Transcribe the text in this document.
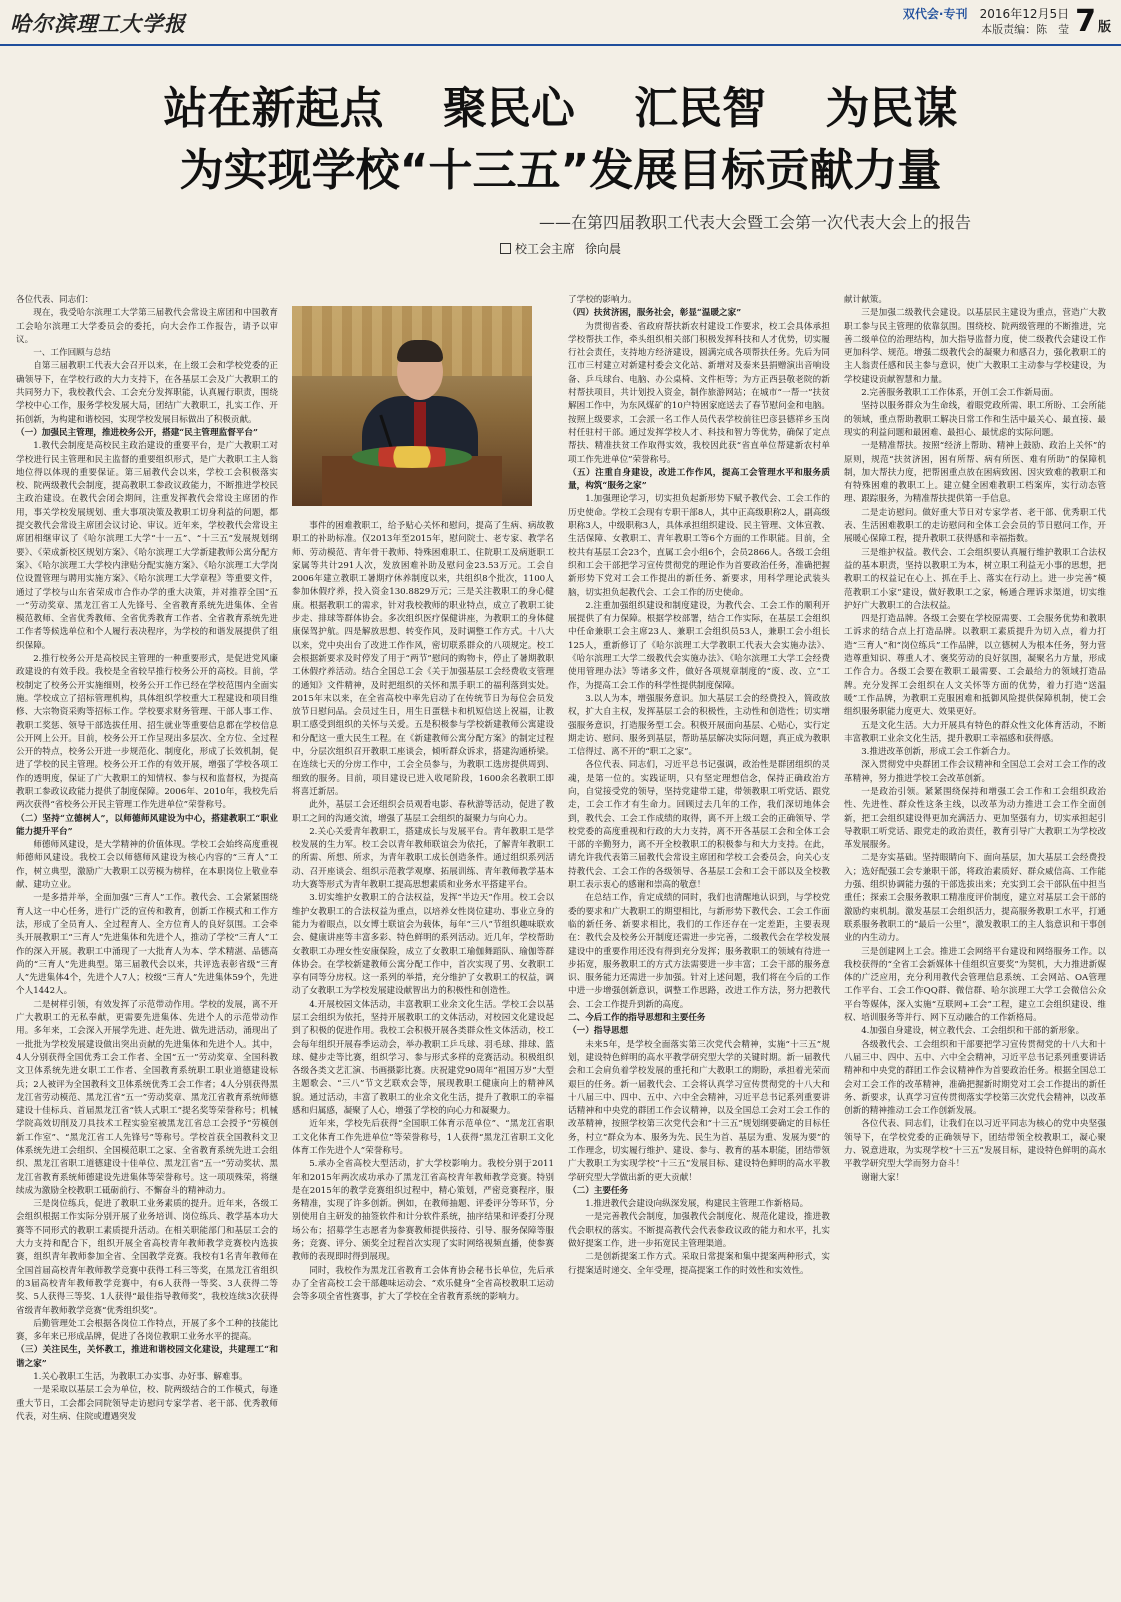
哈尔滨理工大学报	双代会·专刊 2016年12月5日
本版责编：陈　莹 7 版
站在新起点 聚民心 汇民智 为民谋
为实现学校“十三五”发展目标贡献力量
——在第四届教职工代表大会暨工会第一次代表大会上的报告
校工会主席 徐向晨

各位代表、同志们：

现在，我受哈尔滨理工大学第三届教代会常设主席团和中国教育工会哈尔滨理工大学委员会的委托，向大会作工作报告，请予以审议。

一、工作回顾与总结

自第三届教职工代表大会召开以来，在上级工会和学校党委的正确领导下，在学校行政的大力支持下，在各基层工会及广大教职工的共同努力下，我校教代会、工会充分发挥职能，认真履行职责，围绕学校中心工作，服务学校发展大局，团结广大教职工，扎实工作、开拓创新，为构建和谐校园，实现学校发展目标做出了积极贡献。

（一）加强民主管理，推进校务公开，搭建“民主管理监督平台”

1.教代会制度是高校民主政治建设的重要平台，是广大教职工对学校进行民主管理和民主监督的重要组织形式，是广大教职工主人翁地位得以体现的重要保证。第三届教代会以来，学校工会积极落实校、院两级教代会制度，提高教职工参政议政能力，不断推进学校民主政治建设。在教代会闭会期间，注重发挥教代会常设主席团的作用，事关学校发展规划、重大事项决策及教职工切身利益的问题，都提交教代会常设主席团会议讨论、审议。近年来，学校教代会常设主席团相继审议了《哈尔滨理工大学“十一五”、“十三五”发展规划纲要》、《荣成新校区规划方案》、《哈尔滨理工大学新建教师公寓分配方案》、《哈尔滨理工大学校内津贴分配实施方案》、《哈尔滨理工大学岗位设置管理与聘用实施方案》、《哈尔滨理工大学章程》等重要文件，通过了学校与山东省荣成市合作办学的重大决策，并对推荐全国“五一”劳动奖章、黑龙江省工人先锋号、全省教育系统先进集体、全省模范教师、全省优秀教师、全省优秀教育工作者、全省教育系统先进工作者等候选单位和个人履行表决程序，为学校的和谐发展提供了组织保障。

2.推行校务公开是高校民主管理的一种重要形式，是促进党风廉政建设的有效手段。我校是全省较早推行校务公开的高校。目前，学校制定了校务公开实施细则，校务公开工作已经在学校范围内全面实施。学校成立了招标管理机构，具体组织学校重大工程建设和项目维修、大宗物资采购等招标工作。学校要求财务管理、干部人事工作、教职工奖惩、领导干部选拔任用、招生就业等重要信息都在学校信息公开网上公开。目前，校务公开工作呈现出多层次、全方位、全过程公开的特点，校务公开进一步规范化、制度化，形成了长效机制，促进了学校的民主管理。校务公开工作的有效开展，增强了学校各项工作的透明度，保证了广大教职工的知情权、参与权和监督权，为提高教职工参政议政能力提供了制度保障。2006年、2010年，我校先后两次获得“省校务公开民主管理工作先进单位”荣誉称号。

（二）坚持“立德树人”，以师德师风建设为中心，搭建教职工“职业能力提升平台”

师德师风建设，是大学精神的价值体现。学校工会始终高度重视师德师风建设。我校工会以师德师风建设为核心内容的“三育人”工作，树立典型，激励广大教职工以劳模为榜样，在本职岗位上敬业奉献、建功立业。

一是多措并举，全面加强“三育人”工作。教代会、工会紧紧围绕育人这一中心任务，进行广泛的宣传和教育，创新工作模式和工作方法，形成了全员育人、全过程育人、全方位育人的良好氛围。工会牵头开展教职工“三育人”先进集体和先进个人，推动了学校“三育人”工作的深入开展。教职工中涌现了一大批育人为本、学术精湛、品德高尚的“三育人”先进典型。第三届教代会以来，共评选表彰省级“三育人”先进集体4个，先进个人7人；校级“三育人”先进集体59个，先进个人1442人。

二是树样引领，有效发挥了示范带动作用。学校的发展，离不开广大教职工的无私奉献，更需要先进集体、先进个人的示范带动作用。多年来，工会深入开展学先进、赶先进、做先进活动，涌现出了一批批为学校发展建设做出突出贡献的先进集体和先进个人。其中，4人分别获得全国优秀工会工作者、全国“五一”劳动奖章、全国科教文卫体系统先进女职工工作者、全国教育系统职工职业道德建设标兵；2人被评为全国教科文卫体系统优秀工会工作者；4人分别获得黑龙江省劳动模范、黑龙江省“五一”劳动奖章、黑龙江省教育系统师德建设十佳标兵、首届黑龙江省“铁人式职工”提名奖等荣誉称号；机械学院高效切削及刀具技术工程实验室被黑龙江省总工会授予“劳模创新工作室”、“黑龙江省工人先锋号”等称号。学校首获全国教科文卫体系统先进工会组织、全国模范职工之家、全省教育系统先进工会组织、黑龙江省职工道德建设十佳单位、黑龙江省“五一”劳动奖状、黑龙江省教育系统师德建设先进集体等荣誉称号。这一项项殊荣，将继续成为激励全校教职工砥砺前行、不懈奋斗的精神动力。

三是岗位练兵，促进了教职工业务素质的提升。近年来，各级工会组织根据工作实际分别开展了业务培训、岗位练兵、教学基本功大赛等不同形式的教职工素质提升活动。在相关职能部门和基层工会的大力支持和配合下，组织开展全省高校青年教师教学竞赛校内选拔赛，组织青年教师参加全省、全国教学竞赛。我校有1名青年教师在全国首届高校青年教师教学竞赛中获得工科三等奖，在黑龙江省组织的3届高校青年教师教学竞赛中，有6人获得一等奖、3人获得二等奖、5人获得三等奖、1人获得“最佳指导教师奖”，我校连续3次获得省级青年教师教学竞赛“优秀组织奖”。

后勤管理处工会根据各岗位工作特点，开展了多个工种的技能比赛，多年来已形成品牌，促进了各岗位教职工业务水平的提高。

（三）关注民生，关怀教工，推进和谐校园文化建设，共建理工“和谐之家”

1.关心教职工生活，为教职工办实事、办好事、解难事。

一是采取以基层工会为单位，校、院两级结合的工作模式，每逢重大节日，工会都会同院领导走访慰问专家学者、老干部、优秀教师代表，对生病、住院或遭遇突发

事件的困难教职工，给予贴心关怀和慰问，提高了生病、病故教职工的补助标准。仅2013年至2015年，慰问院士、老专家、教学名师、劳动模范、青年骨干教师、特殊困难职工、住院职工及病逝职工家属等共计291人次，发放困难补助及慰问金23.53万元。工会自2006年建立教职工暑期疗休养制度以来，共组织8个批次，1100人参加休假疗养，投入资金130.8829万元；三是关注教职工的身心健康。根据教职工的需求，针对我校教师的职业特点，成立了教职工徒步走、排球等群体协会。多次组织医疗保健讲座，为教职工的身体健康保驾护航。四是解放思想、转变作风，及时调整工作方式。十八大以来，党中央出台了改进工作作风，密切联系群众的八项规定。校工会根据新要求及时停发了用于“两节”慰问的购物卡，停止了暑期教职工休假疗养活动。结合全国总工会《关于加强基层工会经费收支管理的通知》文件精神，及时把组织的关怀和黑手职工的福利落到实处。2015年末以来，在全省高校中率先启动了在传统节日为每位会员发放节日慰问品。会员过生日，用生日蛋糕卡和机短信送上祝福，让教职工感受到组织的关怀与关爱。五是积极参与学校新建教师公寓建设和分配这一重大民生工程。在《新建教师公寓分配方案》的制定过程中，分层次组织召开教职工座谈会，倾听群众诉求，搭建沟通桥梁。在连续七天的分房工作中，工会全员参与，为教职工选房提供周到、细致的服务。目前，项目建设已进入收尾阶段，1600余名教职工即将喜迁新居。

此外，基层工会还组织会员观看电影、春秋游等活动，促进了教职工之间的沟通交流，增强了基层工会组织的凝聚力与向心力。

2.关心关爱青年教职工，搭建成长与发展平台。青年教职工是学校发展的生力军。校工会以青年教师联谊会为依托，了解青年教职工的所需、所想、所求，为青年教职工成长创造条件。通过组织系列活动、召开座谈会、组织示范教学观摩、拓展训练、青年教师教学基本功大赛等形式为青年教职工提高思想素质和业务水平搭建平台。

3.切实维护女教职工的合法权益，发挥“半边天”作用。校工会以维护女教职工的合法权益为重点，以培养女性岗位建功、事业立身的能力为着眼点，以女博士联谊会为载体，每年“三八”节组织趣味联欢会、健康讲座等丰富多彩、特色鲜明的系列活动。近几年，学校帮助女教职工办理女性安康保险，成立了女教职工瑜伽舞蹈队、瑜伽等群体协会。在学校新建教师公寓分配工作中，首次实现了男、女教职工享有同等分房权。这一系列的举措，充分维护了女教职工的权益，调动了女教职工为学校发展建设献智出力的积极性和创造性。

4.开展校园文体活动，丰富教职工业余文化生活。学校工会以基层工会组织为依托，坚持开展教职工的文体活动，对校园文化建设起到了积极的促进作用。我校工会积极开展各类群众性文体活动，校工会每年组织开展春季运动会，举办教职工乒乓球、羽毛球、排球、篮球、健步走等比赛，组织学习、参与形式多样的竞赛活动。积极组织各级各类文艺汇演、书画摄影比赛。庆祝建党90周年“祖国万岁”大型主题歌会、“三八”节文艺联欢会等，展现教职工健康向上的精神风貌。通过活动，丰富了教职工的业余文化生活，提升了教职工的幸福感和归属感，凝聚了人心，增强了学校的向心力和凝聚力。

近年来，学校先后获得“全国职工体育示范单位”、“黑龙江省职工文化体育工作先进单位”等荣誉称号，1人获得“黑龙江省职工文化体育工作先进个人”荣誉称号。

5.承办全省高校大型活动，扩大学校影响力。我校分别于2011年和2015年两次成功承办了黑龙江省高校青年教师教学竞赛。特别是在2015年的教学竞赛组织过程中，精心策划，严密竞赛程序，服务精准，实现了许多创新。例如，在教师抽题、评委评分等环节，分别使用自主研发的抽签软件和计分软件系统，抽序结果和评委打分现场公布；招募学生志愿者为参赛教师提供接待、引导、服务保障等服务；竞赛、评分、颁奖全过程首次实现了实时网络视频直播，使参赛教师的表现即时得到展现。

同时，我校作为黑龙江省教育工会体育协会秘书长单位，先后承办了全省高校工会干部趣味运动会、“欢乐健身”全省高校教职工运动会等多项全省性赛事，扩大了学校在全省教育系统的影响力。

了学校的影响力。

（四）扶贫济困，服务社会，彰显“温暖之家”

为贯彻省委、省政府帮扶新农村建设工作要求，校工会具体承担学校帮扶工作，牵头组织相关部门积极发挥科技和人才优势，切实履行社会责任，支持地方经济建设，圆满完成各项帮扶任务。先后为同江市三村建立对新建村委会文化站、新增对及泰来县捐赠演出音响设备、乒乓球台、电脑、办公桌椅、文件柜等；为方正西县敬老院的新村帮扶项目，共计划投入资金，制作旅游网站；在城市“一帮一”扶贫解困工作中，为东风煤矿的10户特困家庭送去了春节慰问金和电脑。按照上级要求，工会派一名工作人员代表学校前往巴彦县德祥乡玉岗村任驻村干部。通过发挥学校人才、科技和智力等优势，确保了定点帮扶、精准扶贫工作取得实效，我校因此获“省直单位帮建新农村单项工作先进单位”荣誉称号。

（五）注重自身建设，改进工作作风，提高工会管理水平和服务质量，构筑“服务之家”

1.加强理论学习，切实担负起新形势下赋予教代会、工会工作的历史使命。学校工会现有专职干部8人，其中正高级职称2人，副高级职称3人，中级职称3人，具体承担组织建设、民主管理、文体宣教、生活保障、女教职工、青年教职工等6个方面的工作职能。目前，全校共有基层工会23个，直属工会小组6个，会员2866人。各级工会组织和工会干部把学习宣传贯彻党的理论作为首要政治任务，准确把握新形势下党对工会工作提出的新任务、新要求，用科学理论武装头脑，切实担负起教代会、工会工作的历史使命。

2.注重加强组织建设和制度建设，为教代会、工会工作的顺利开展提供了有力保障。根据学校部署，结合工作实际，在基层工会组织中任命兼职工会主席23人、兼职工会组织员53人，兼职工会小组长125人，重新修订了《哈尔滨理工大学教职工代表大会实施办法》、《哈尔滨理工大学二级教代会实施办法》、《哈尔滨理工大学工会经费使用管理办法》等诸多文件，做好各项规章制度的“废、改、立”工作，为提高工会工作的科学性提供制度保障。

3.以人为本，增强服务意识。加大基层工会的经费投入，简政放权，扩大自主权，发挥基层工会的积极性，主动性和创造性；切实增强服务意识，打造服务型工会。积极开展面向基层、心贴心，实行定期走访、慰问、服务到基层，帮助基层解决实际问题，真正成为教职工信得过、离不开的“职工之家”。

各位代表、同志们，习近平总书记强调，政治性是群团组织的灵魂，是第一位的。实践证明，只有坚定理想信念，保持正确政治方向，自觉接受党的领导，坚持党建带工建，带领教职工听党话、跟党走，工会工作才有生命力。回顾过去几年的工作，我们深切地体会到，教代会、工会工作成绩的取得，离不开上级工会的正确领导、学校党委的高度重视和行政的大力支持，离不开各基层工会和全体工会干部的辛勤努力，离不开全校教职工的积极参与和大力支持。在此，请允许我代表第三届教代会常设主席团和学校工会委员会，向关心支持教代会、工会工作的各级领导、各基层工会和工会干部以及全校教职工表示衷心的感谢和崇高的敬意！

在总结工作，肯定成绩的同时，我们也清醒地认识到，与学校党委的要求和广大教职工的期望相比，与新形势下教代会、工会工作面临的新任务、新要求相比，我们的工作还存在一定差距，主要表现在：教代会及校务公开制度还需进一步完善，二级教代会在学校发展建设中的重要作用还没有得到充分发挥；服务教职工的领域有待进一步拓宽，服务教职工的方式方法需要进一步丰富；工会干部的服务意识、服务能力还需进一步加强。针对上述问题，我们将在今后的工作中进一步增强创新意识，调整工作思路，改进工作方法，努力把教代会、工会工作提升到新的高度。

二、今后工作的指导思想和主要任务

（一）指导思想

未来5年，是学校全面落实第三次党代会精神，实施“十三五”规划，建设特色鲜明的高水平教学研究型大学的关键时期。新一届教代会和工会肩负着学校发展的重托和广大教职工的期盼，承担着光荣而艰巨的任务。新一届教代会、工会将认真学习宣传贯彻党的十八大和十八届三中、四中、五中、六中全会精神，习近平总书记系列重要讲话精神和中央党的群团工作会议精神，以及全国总工会对工会工作的改革精神，按照学校第三次党代会和“十三五”规划纲要确定的目标任务，村立“群众为本、服务为先、民生为首、基层为重、发展为要”的工作理念，切实履行维护、建设、参与、教育的基本职能，团结带领广大教职工为实现学校“十三五”发展目标、建设特色鲜明的高水平教学研究型大学做出新的更大贡献！

（二）主要任务

1.推进教代会建设向纵深发展，构建民主管理工作新格局。

一是完善教代会制度，加强教代会制度化、规范化建设，推进教代会职权的落实。不断提高教代会代表参政议政的能力和水平，扎实做好提案工作，进一步拓宽民主管理渠道。

二是创新提案工作方式。采取日常提案和集中提案两种形式，实行提案适时递交、全年受理，提高提案工作的时效性和实效性。

献计献策。

三是加强二级教代会建设。以基层民主建设为重点，营造广大教职工参与民主管理的依靠氛围。围绕校、院两级管理的不断推进，完善二级单位的治理结构，加大指导监督力度，使二级教代会建设工作更加科学、规范。增强二级教代会的凝聚力和感召力，强化教职工的主人翁责任感和民主参与意识，使广大教职工主动参与学校建设，为学校建设贡献智慧和力量。

2.完善服务教职工工作体系，开创工会工作新局面。

坚持以服务群众为生命线，着眼党政所需、职工所盼、工会所能的领域，重点帮助教职工解决日常工作和生活中最关心、最直接、最现实的利益问题和最困难、最担心、最忧虑的实际问题。

一是精准帮扶。按照“经济上帮助、精神上鼓励、政治上关怀”的原则，规范“扶贫济困，困有所帮、病有所医、难有所助”的保障机制，加大帮扶力度，把帮困重点放在困病致困、因灾致难的教职工和有特殊困难的教职工上。建立健全困难教职工档案库，实行动态管理、跟踪服务，为精准帮扶提供第一手信息。

二是走访慰问。做好重大节日对专家学者、老干部、优秀职工代表、生活困难教职工的走访慰问和全体工会会员的节日慰问工作，开展暖心保障工程，提升教职工获得感和幸福指数。

三是维护权益。教代会、工会组织要认真履行维护教职工合法权益的基本职责，坚持以教职工为本，树立职工利益无小事的思想，把教职工的权益记在心上、抓在手上、落实在行动上。进一步完善“模范教职工小家”建设，做好教职工之家，畅通合理诉求渠道，切实维护好广大教职工的合法权益。

四是打造品牌。各级工会要在学校原需要、工会服务优势和教职工诉求的结合点上打造品牌。以教职工素质提升为切入点，着力打造“三育人”和“岗位练兵”工作品牌，以立德树人为根本任务，努力营造尊重知识、尊重人才、褒奖劳动的良好氛围，凝聚名力方量，形成工作合力。各级工会要在教职工最需要、工会最给力的领域打造品牌。充分发挥工会组织在人文关怀等方面的优势，着力打造“送温暖”工作品牌，为教职工克服困难和抵御风险提供保障机制，使工会组织服务职能力度更大、效果更好。

五是文化生活。大力开展具有特色的群众性文化体育活动，不断丰富教职工业余文化生活，提升教职工幸福感和获得感。

3.推进改革创新，形成工会工作新合力。

深入贯彻党中央群团工作会议精神和全国总工会对工会工作的改革精神，努力推进学校工会改革创新。

一是政治引领。紧紧围绕保持和增强工会工作和工会组织政治性、先进性、群众性这条主线，以改革为动力推进工会工作全面创新，把工会组织建设得更加充满活力、更加坚强有力，切实承担起引导教职工听党话、跟党走的政治责任，教育引导广大教职工为学校改革发展服务。

二是夯实基础。坚持眼睛向下、面向基层，加大基层工会经费投入；选好配强工会专兼职干部，将政治素质好、群众威信高、工作能力强、组织协调能力强的干部选拔出来；充实到工会干部队伍中担当重任；探索工会服务教职工精准度评价制度，建立对基层工会干部的激励约束机制。激发基层工会组织活力，提高服务教职工水平，打通联系服务教职工的“最后一公里”，激发教职工的主人翁意识和干事创业的内生动力。

三是创建网上工会。推进工会网络平台建设和网络服务工作。以我校获得的“全省工会新媒体十佳组织宣要奖”为契机，大力推进新媒体的广泛应用，充分利用教代会管理信息系统、工会网站、OA管理工作平台、工会工作QQ群、微信群、哈尔滨理工大学工会微信公众平台等媒体，深入实施“互联网+工会”工程，建立工会组织建设、维权、培训服务等并行、网下互动融合的工作新格局。

4.加强自身建设，树立教代会、工会组织和干部的新形象。

各级教代会、工会组织和干部要把学习宣传贯彻党的十八大和十八届三中、四中、五中、六中全会精神，习近平总书记系列重要讲话精神和中央党的群团工作会议精神作为首要政治任务。根据全国总工会对工会工作的改革精神，准确把握新时期党对工会工作提出的新任务、新要求，认真学习宣传贯彻落实学校第三次党代会精神，以改革创新的精神推动工会工作创新发展。

各位代表、同志们，让我们在以习近平同志为核心的党中央坚强领导下，在学校党委的正确领导下，团结带领全校教职工，凝心聚力、锐意进取，为实现学校“十三五”发展目标，建设特色鲜明的高水平教学研究型大学而努力奋斗！

谢谢大家！
